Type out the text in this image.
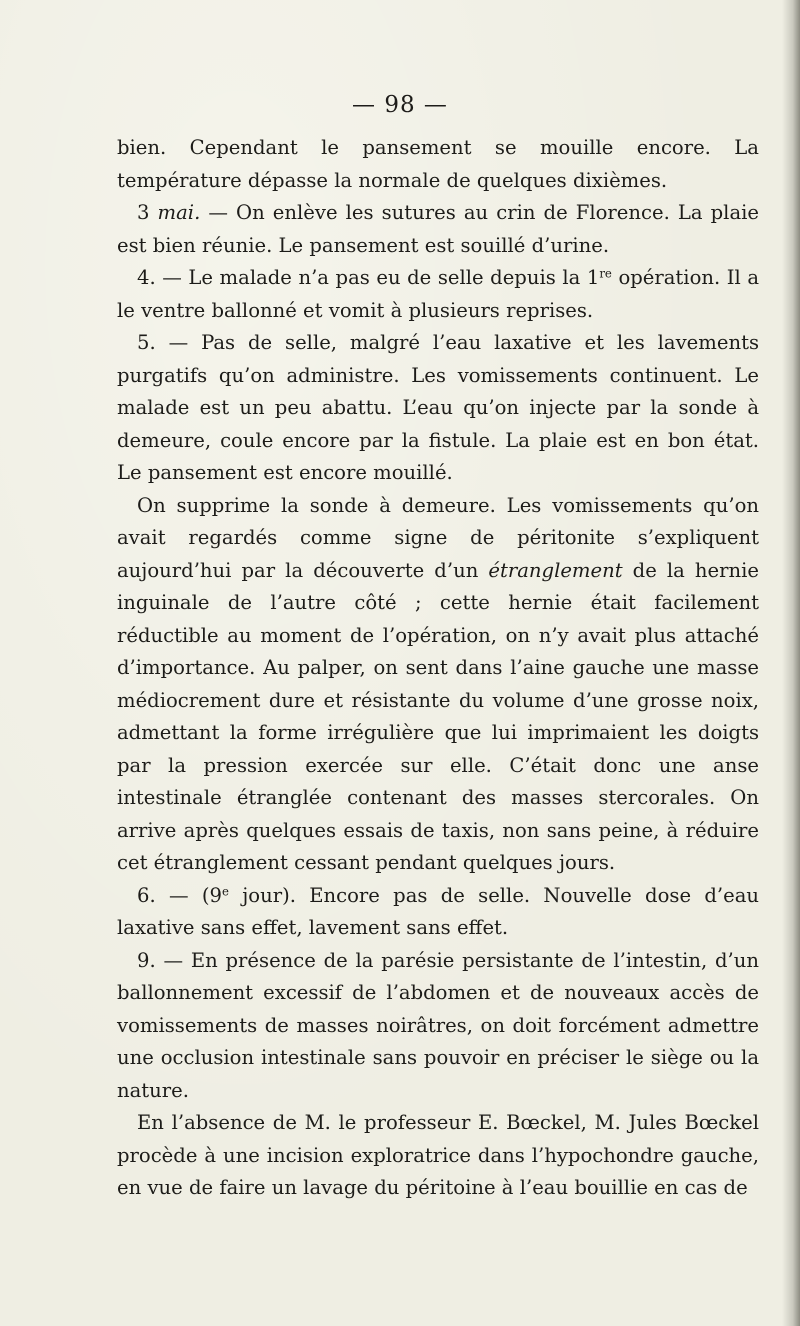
— 98 —

bien. Cependant le pansement se mouille encore. La température dépasse la normale de quelques dixièmes.

3 mai. — On enlève les sutures au crin de Florence. La plaie est bien réunie. Le pansement est souillé d’urine.

4. — Le malade n’a pas eu de selle depuis la 1re opération. Il a le ventre ballonné et vomit à plusieurs reprises.

5. — Pas de selle, malgré l’eau laxative et les lavements purgatifs qu’on administre. Les vomissements continuent. Le malade est un peu abattu. L’eau qu’on injecte par la sonde à demeure, coule encore par la fistule. La plaie est en bon état. Le pansement est encore mouillé.

On supprime la sonde à demeure. Les vomissements qu’on avait regardés comme signe de péritonite s’expliquent aujourd’hui par la découverte d’un étranglement de la hernie inguinale de l’autre côté ; cette hernie était facilement réductible au moment de l’opération, on n’y avait plus attaché d’importance. Au palper, on sent dans l’aine gauche une masse médiocrement dure et résistante du volume d’une grosse noix, admettant la forme irrégulière que lui imprimaient les doigts par la pression exercée sur elle. C’était donc une anse intestinale étranglée contenant des masses stercorales. On arrive après quelques essais de taxis, non sans peine, à réduire cet étranglement cessant pendant quelques jours.

6. — (9e jour). Encore pas de selle. Nouvelle dose d’eau laxative sans effet, lavement sans effet.

9. — En présence de la parésie persistante de l’intestin, d’un ballonnement excessif de l’abdomen et de nouveaux accès de vomissements de masses noirâtres, on doit forcément admettre une occlusion intestinale sans pouvoir en préciser le siège ou la nature.

En l’absence de M. le professeur E. Bœckel, M. Jules Bœckel procède à une incision exploratrice dans l’hypochondre gauche, en vue de faire un lavage du péritoine à l’eau bouillie en cas de
